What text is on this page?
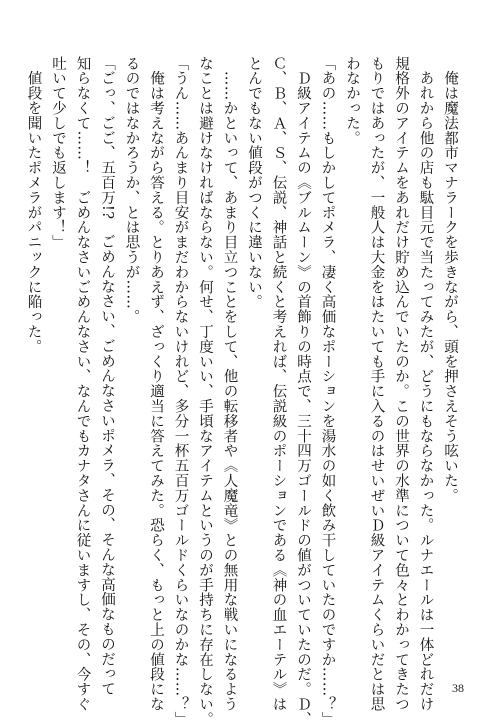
　俺は魔法都市マナラークを歩きながら、頭を押さえそう呟いた。
　あれから他の店も駄目元で当たってみたが、どうにもならなかった。ルナエールは一体どれだけ
規格外のアイテムをあれだけ貯め込んでいたのか。この世界の水準について色々とわかってきたつ
もりではあったが、一般人は大金をはたいても手に入るのはせいぜいＤ級アイテムくらいだとは思
わなかった。
「あの……もしかしてポメラ、凄く高価なポーションを湯水の如く飲み干していたのですか……？」
　Ｄ級アイテムの《ブルムーン》の首飾りの時点で、三十四万ゴールドの値がついていたのだ。Ｄ、
Ｃ、Ｂ、Ａ、Ｓ、伝説、神話と続くと考えれば、伝説級のポーションである《神の血エーテル》は
とんでもない値段がつくに違いない。
　……かといって、あまり目立つことをして、他の転移者や《人魔竜》との無用な戦いになるよう
なことは避けなければならない。何せ、丁度いい、手頃なアイテムというのが手持ちに存在しない。
「うん……あんまり目安がまだわからないけれど、多分一杯五百万ゴールドくらいなのかな……？」
　俺は考えながら答える。とりあえず、ざっくり適当に答えてみた。恐らく、もっと上の値段にな
るのではなかろうか、とは思うが……。
「ごっ、ごご、五百万!?　ごめんなさい、ごめんなさいポメラ、その、そんな高価なものだって
知らなくて……！　ごめんなさいごめんなさい、なんでもカナタさんに従いますし、その、今すぐ
吐いて少しでも返します！」
　値段を聞いたポメラがパニックに陥った。
38
